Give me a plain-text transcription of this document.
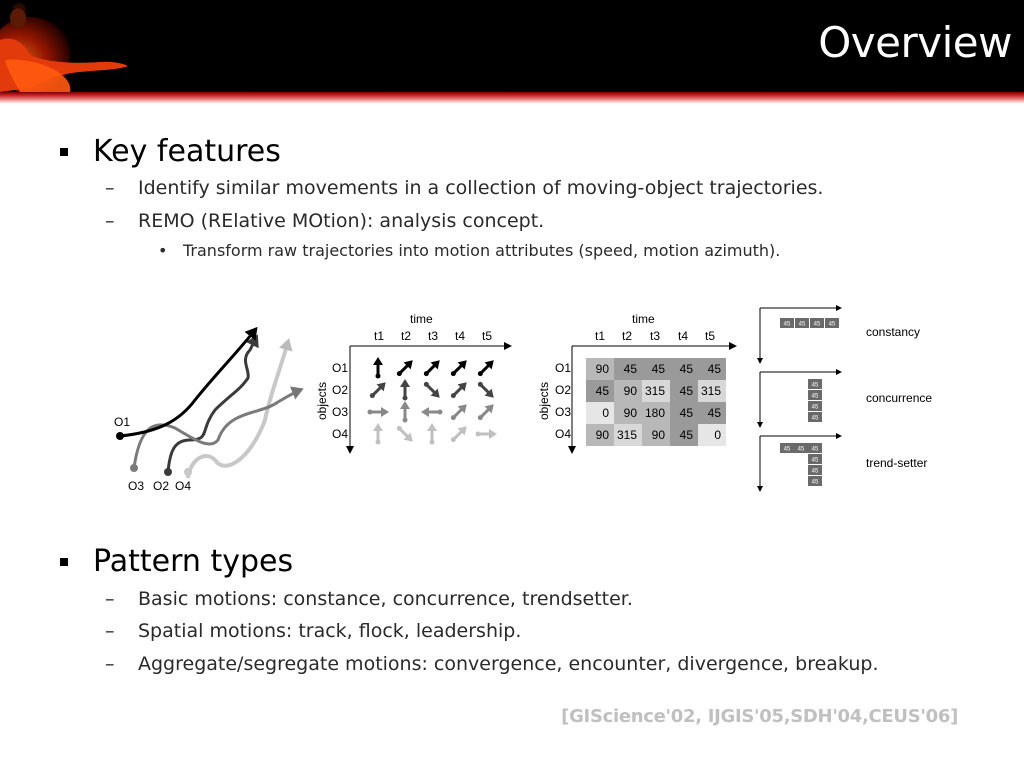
Overview
Key features
– Identify similar movements in a collection of moving-object trajectories.
– REMO (RElative MOtion): analysis concept.
• Transform raw trajectories into motion attributes (speed, motion azimuth).
O1
O3 O2 O4
time
objects
t1 t2 t3 t4 t5
O1
O2
O3
O4
time
objects
t1 t2 t3 t4 t5
O1
O2
O3
O4
90 45 45 45 45
45 90 315 45 315
0 90 180 45 45
90 315 90 45 0
constancy
concurrence
trend-setter
45 45 45 45
45
45
45
45
45 45 45
45
45
45
Pattern types
– Basic motions: constance, concurrence, trendsetter.
– Spatial motions: track, flock, leadership.
– Aggregate/segregate motions: convergence, encounter, divergence, breakup.
[GIScience'02, IJGIS'05,SDH'04,CEUS'06]
